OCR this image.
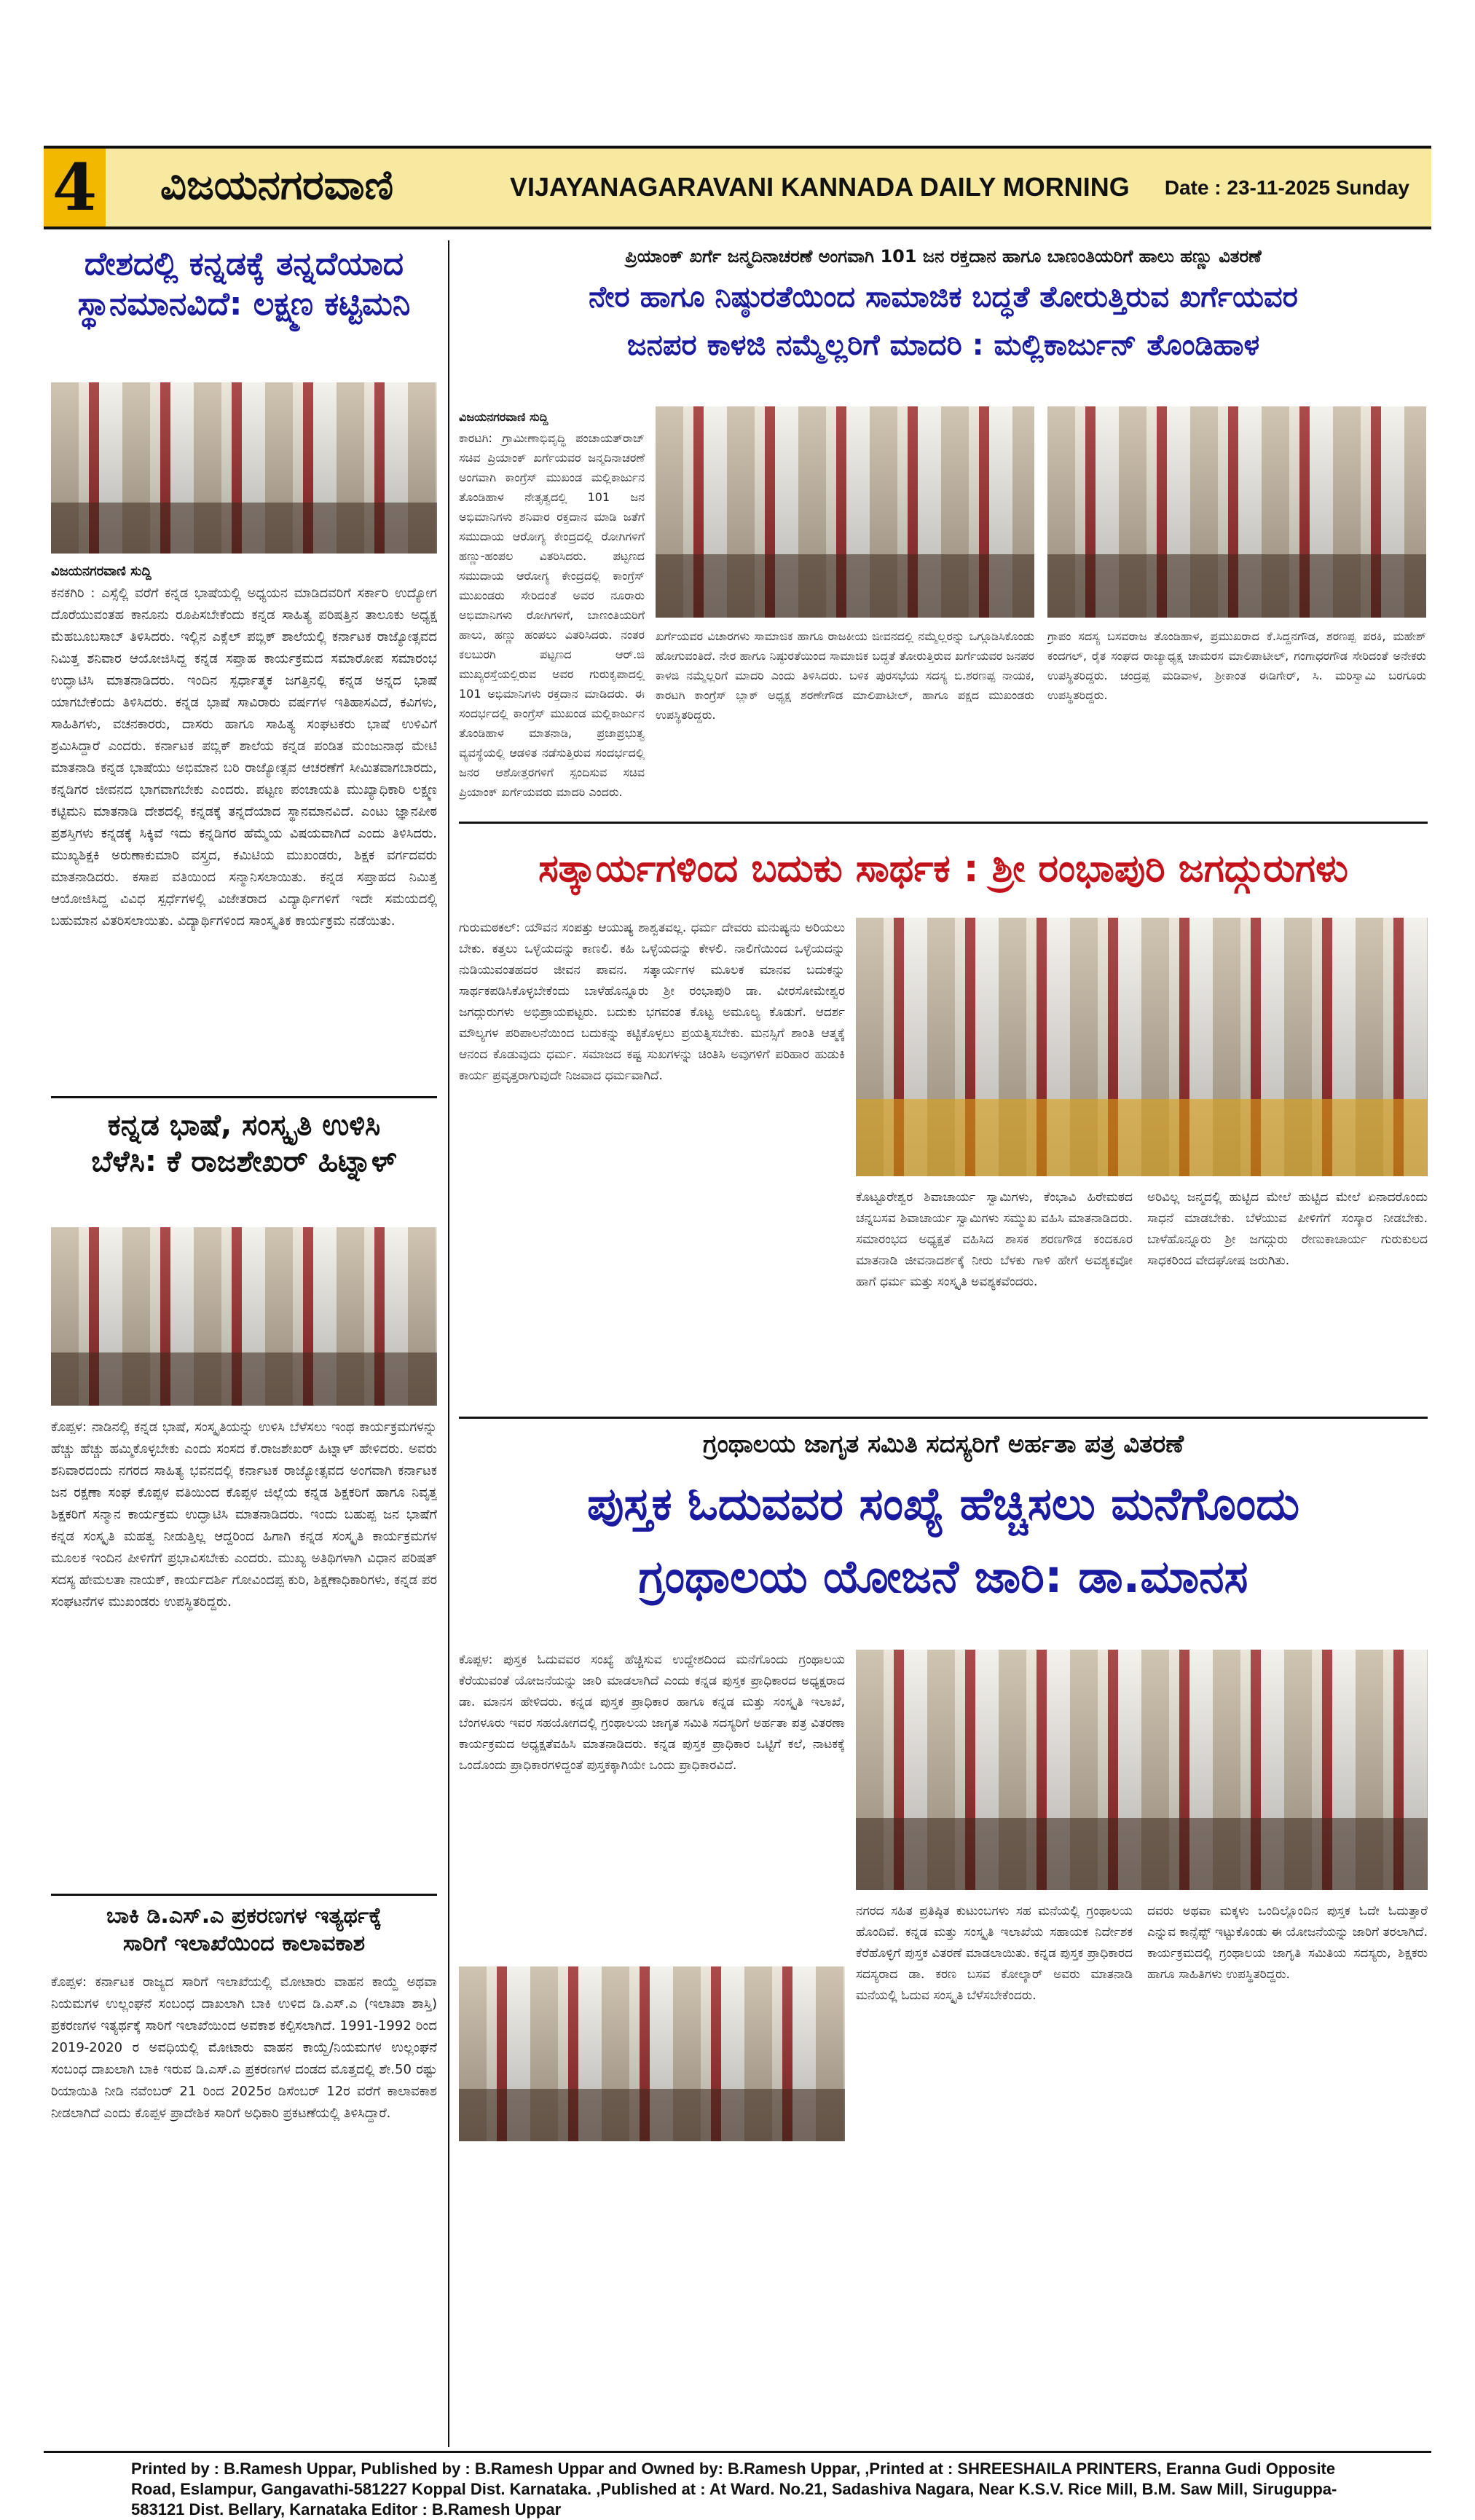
4 ವಿಜಯನಗರವಾಣಿ	VIJAYANAGARAVANI KANNADA DAILY MORNING Date : 23-11-2025 Sunday
ದೇಶದಲ್ಲಿ ಕನ್ನಡಕ್ಕೆ ತನ್ನದೆಯಾದ
ಸ್ಥಾನಮಾನವಿದೆ: ಲಕ್ಷ್ಮಣ ಕಟ್ಟಿಮನಿ
ವಿಜಯನಗರವಾಣಿ ಸುದ್ದಿ
ಕನಕಗಿರಿ : ಎಸ್ಸೆಲ್ಲಿ ವರೆಗೆ ಕನ್ನಡ ಭಾಷೆಯಲ್ಲಿ ಅಧ್ಯಯನ ಮಾಡಿದವರಿಗೆ ಸರ್ಕಾರಿ ಉದ್ಯೋಗ ದೊರೆಯುವಂತಹ ಕಾನೂನು ರೂಪಿಸಬೇಕೆಂದು ಕನ್ನಡ ಸಾಹಿತ್ಯ ಪರಿಷತ್ತಿನ ತಾಲೂಕು ಅಧ್ಯಕ್ಷ ಮೆಹಬೂಬಸಾಬ್ ತಿಳಿಸಿದರು. ಇಲ್ಲಿನ ಎಕ್ಸೆಲ್ ಪಬ್ಲಿಕ್ ಶಾಲೆಯಲ್ಲಿ ಕರ್ನಾಟಕ ರಾಜ್ಯೋತ್ಸವದ ನಿಮಿತ್ತ ಶನಿವಾರ ಆಯೋಜಿಸಿದ್ದ ಕನ್ನಡ ಸಪ್ತಾಹ ಕಾರ್ಯಕ್ರಮದ ಸಮಾರೋಪ ಸಮಾರಂಭ ಉದ್ಘಾಟಿಸಿ ಮಾತನಾಡಿದರು. ಇಂದಿನ ಸ್ಪರ್ಧಾತ್ಮಕ ಜಗತ್ತಿನಲ್ಲಿ ಕನ್ನಡ ಅನ್ನದ ಭಾಷೆ ಯಾಗಬೇಕೆಂದು ತಿಳಿಸಿದರು. ಕನ್ನಡ ಭಾಷೆ ಸಾವಿರಾರು ವರ್ಷಗಳ ಇತಿಹಾಸವಿದೆ, ಕವಿಗಳು, ಸಾಹಿತಿಗಳು, ವಚನಕಾರರು, ದಾಸರು ಹಾಗೂ ಸಾಹಿತ್ಯ ಸಂಘಟಕರು ಭಾಷೆ ಉಳಿವಿಗೆ ಶ್ರಮಿಸಿದ್ದಾರೆ ಎಂದರು. ಕರ್ನಾಟಕ ಪಬ್ಲಿಕ್ ಶಾಲೆಯ ಕನ್ನಡ ಪಂಡಿತ ಮಂಜುನಾಥ ಮೇಟಿ ಮಾತನಾಡಿ ಕನ್ನಡ ಭಾಷೆಯು ಅಭಿಮಾನ ಬರಿ ರಾಜ್ಯೋತ್ಸವ ಆಚರಣೆಗೆ ಸೀಮಿತವಾಗಬಾರದು, ಕನ್ನಡಿಗರ ಜೀವನದ ಭಾಗವಾಗಬೇಕು ಎಂದರು. ಪಟ್ಟಣ ಪಂಚಾಯತಿ ಮುಖ್ಯಾಧಿಕಾರಿ ಲಕ್ಷ್ಮಣ ಕಟ್ಟಿಮನಿ ಮಾತನಾಡಿ ದೇಶದಲ್ಲಿ ಕನ್ನಡಕ್ಕೆ ತನ್ನದೆಯಾದ ಸ್ಥಾನಮಾನವಿದೆ. ಎಂಟು ಜ್ಞಾನಪೀಠ ಪ್ರಶಸ್ತಿಗಳು ಕನ್ನಡಕ್ಕೆ ಸಿಕ್ಕಿವೆ ಇದು ಕನ್ನಡಿಗರ ಹೆಮ್ಮೆಯ ವಿಷಯವಾಗಿದೆ ಎಂದು ತಿಳಿಸಿದರು. ಮುಖ್ಯಶಿಕ್ಷಕಿ ಅರುಣಾಕುಮಾರಿ ವಸ್ತ್ರದ, ಕಮಿಟಿಯ ಮುಖಂಡರು, ಶಿಕ್ಷಕ ವರ್ಗದವರು ಮಾತನಾಡಿದರು. ಕಸಾಪ ವತಿಯಿಂದ ಸನ್ಮಾನಿಸಲಾಯಿತು. ಕನ್ನಡ ಸಪ್ತಾಹದ ನಿಮಿತ್ತ ಆಯೋಜಿಸಿದ್ದ ವಿವಿಧ ಸ್ಪರ್ಧೆಗಳಲ್ಲಿ ವಿಜೇತರಾದ ವಿದ್ಯಾರ್ಥಿಗಳಿಗೆ ಇದೇ ಸಮಯದಲ್ಲಿ ಬಹುಮಾನ ವಿತರಿಸಲಾಯಿತು. ವಿದ್ಯಾರ್ಥಿಗಳಿಂದ ಸಾಂಸ್ಕೃತಿಕ ಕಾರ್ಯಕ್ರಮ ನಡೆಯಿತು.
ಕನ್ನಡ ಭಾಷೆ, ಸಂಸ್ಕೃತಿ ಉಳಿಸಿ
ಬೆಳೆಸಿ: ಕೆ ರಾಜಶೇಖರ್ ಹಿಟ್ನಾಳ್
ಕೊಪ್ಪಳ: ನಾಡಿನಲ್ಲಿ ಕನ್ನಡ ಭಾಷೆ, ಸಂಸ್ಕೃತಿಯನ್ನು ಉಳಿಸಿ ಬೆಳೆಸಲು ಇಂಥ ಕಾರ್ಯಕ್ರಮಗಳನ್ನು ಹೆಚ್ಚು ಹೆಚ್ಚು ಹಮ್ಮಿಕೊಳ್ಳಬೇಕು ಎಂದು ಸಂಸದ ಕೆ.ರಾಜಶೇಖರ್ ಹಿಟ್ನಾಳ್ ಹೇಳಿದರು. ಅವರು ಶನಿವಾರದಂದು ನಗರದ ಸಾಹಿತ್ಯ ಭವನದಲ್ಲಿ ಕರ್ನಾಟಕ ರಾಜ್ಯೋತ್ಸವದ ಅಂಗವಾಗಿ ಕರ್ನಾಟಕ ಜನ ರಕ್ಷಣಾ ಸಂಘ ಕೊಪ್ಪಳ ವತಿಯಿಂದ ಕೊಪ್ಪಳ ಜಿಲ್ಲೆಯ ಕನ್ನಡ ಶಿಕ್ಷಕರಿಗೆ ಹಾಗೂ ನಿವೃತ್ತ ಶಿಕ್ಷಕರಿಗೆ ಸನ್ಮಾನ ಕಾರ್ಯಕ್ರಮ ಉದ್ಘಾಟಿಸಿ ಮಾತನಾಡಿದರು. ಇಂದು ಬಹುಪ್ಪ ಜನ ಭಾಷೆಗೆ ಕನ್ನಡ ಸಂಸ್ಕೃತಿ ಮಹತ್ವ ನೀಡುತ್ತಿಲ್ಲ ಆದ್ದರಿಂದ ಹಿಗಾಗಿ ಕನ್ನಡ ಸಂಸ್ಕೃತಿ ಕಾರ್ಯಕ್ರಮಗಳ ಮೂಲಕ ಇಂದಿನ ಪೀಳಿಗೆಗೆ ಪ್ರಭಾವಿಸಬೇಕು ಎಂದರು. ಮುಖ್ಯ ಅತಿಥಿಗಳಾಗಿ ವಿಧಾನ ಪರಿಷತ್ ಸದಸ್ಯ ಹೇಮಲತಾ ನಾಯಕ್, ಕಾರ್ಯದರ್ಶಿ ಗೋವಿಂದಪ್ಪ ಕುರಿ, ಶಿಕ್ಷಣಾಧಿಕಾರಿಗಳು, ಕನ್ನಡ ಪರ ಸಂಘಟನೆಗಳ ಮುಖಂಡರು ಉಪಸ್ಥಿತರಿದ್ದರು.
ಬಾಕಿ ಡಿ.ಎಸ್.ಎ ಪ್ರಕರಣಗಳ ಇತ್ಯರ್ಥಕ್ಕೆ
ಸಾರಿಗೆ ಇಲಾಖೆಯಿಂದ ಕಾಲಾವಕಾಶ
ಕೊಪ್ಪಳ: ಕರ್ನಾಟಕ ರಾಜ್ಯದ ಸಾರಿಗೆ ಇಲಾಖೆಯಲ್ಲಿ ಮೋಟಾರು ವಾಹನ ಕಾಯ್ದೆ ಅಥವಾ ನಿಯಮಗಳ ಉಲ್ಲಂಘನೆ ಸಂಬಂಧ ದಾಖಲಾಗಿ ಬಾಕಿ ಉಳಿದ ಡಿ.ಎಸ್.ಎ (ಇಲಾಖಾ ಶಾಸ್ತಿ) ಪ್ರಕರಣಗಳ ಇತ್ಯರ್ಥಕ್ಕೆ ಸಾರಿಗೆ ಇಲಾಖೆಯಿಂದ ಅವಕಾಶ ಕಲ್ಪಿಸಲಾಗಿದೆ. 1991-1992 ರಿಂದ 2019-2020 ರ ಅವಧಿಯಲ್ಲಿ ಮೋಟಾರು ವಾಹನ ಕಾಯ್ದೆ/ನಿಯಮಗಳ ಉಲ್ಲಂಘನೆ ಸಂಬಂಧ ದಾಖಲಾಗಿ ಬಾಕಿ ಇರುವ ಡಿ.ಎಸ್.ಎ ಪ್ರಕರಣಗಳ ದಂಡದ ಮೊತ್ತದಲ್ಲಿ ಶೇ.50 ರಷ್ಟು ರಿಯಾಯಿತಿ ನೀಡಿ ನವೆಂಬರ್ 21 ರಿಂದ 2025ರ ಡಿಸೆಂಬರ್ 12ರ ವರೆಗೆ ಕಾಲಾವಕಾಶ ನೀಡಲಾಗಿದೆ ಎಂದು ಕೊಪ್ಪಳ ಪ್ರಾದೇಶಿಕ ಸಾರಿಗೆ ಅಧಿಕಾರಿ ಪ್ರಕಟಣೆಯಲ್ಲಿ ತಿಳಿಸಿದ್ದಾರೆ.
ಪ್ರಿಯಾಂಕ್ ಖರ್ಗೆ ಜನ್ಮದಿನಾಚರಣೆ ಅಂಗವಾಗಿ 101 ಜನ ರಕ್ತದಾನ ಹಾಗೂ ಬಾಣಂತಿಯರಿಗೆ ಹಾಲು ಹಣ್ಣು ವಿತರಣೆ
ನೇರ ಹಾಗೂ ನಿಷ್ಠುರತೆಯಿಂದ ಸಾಮಾಜಿಕ ಬದ್ಧತೆ ತೋರುತ್ತಿರುವ ಖರ್ಗೆಯವರ
ಜನಪರ ಕಾಳಜಿ ನಮ್ಮೆಲ್ಲರಿಗೆ ಮಾದರಿ : ಮಲ್ಲಿಕಾರ್ಜುನ್ ತೊಂಡಿಹಾಳ
ವಿಜಯನಗರವಾಣಿ ಸುದ್ದಿ
ಕಾರಟಗಿ: ಗ್ರಾಮೀಣಾಭಿವೃದ್ಧಿ ಪಂಚಾಯತ್‌ರಾಜ್ ಸಚಿವ ಪ್ರಿಯಾಂಕ್ ಖರ್ಗೆಯವರ ಜನ್ಮದಿನಾಚರಣೆ ಅಂಗವಾಗಿ ಕಾಂಗ್ರೆಸ್ ಮುಖಂಡ ಮಲ್ಲಿಕಾರ್ಜುನ ತೊಂಡಿಹಾಳ ನೇತೃತ್ವದಲ್ಲಿ 101 ಜನ ಅಭಿಮಾನಿಗಳು ಶನಿವಾರ ರಕ್ತದಾನ ಮಾಡಿ ಜತೆಗೆ ಸಮುದಾಯ ಆರೋಗ್ಯ ಕೇಂದ್ರದಲ್ಲಿ ರೋಗಿಗಳಿಗೆ ಹಣ್ಣು-ಹಂಪಲ ವಿತರಿಸಿದರು. ಪಟ್ಟಣದ ಸಮುದಾಯ ಆರೋಗ್ಯ ಕೇಂದ್ರದಲ್ಲಿ ಕಾಂಗ್ರೆಸ್ ಮುಖಂಡರು ಸೇರಿದಂತೆ ಅವರ ನೂರಾರು ಅಭಿಮಾನಿಗಳು ರೋಗಿಗಳಿಗೆ, ಬಾಣಂತಿಯರಿಗೆ ಹಾಲು, ಹಣ್ಣು ಹಂಪಲು ವಿತರಿಸಿದರು. ನಂತರ ಕಲಬುರಗಿ ಪಟ್ಟಣದ ಆರ್.ಜಿ ಮುಖ್ಯರಸ್ತೆಯಲ್ಲಿರುವ ಅವರ ಗುರುಕೃಪಾದಲ್ಲಿ 101 ಅಭಿಮಾನಿಗಳು ರಕ್ತದಾನ ಮಾಡಿದರು. ಈ ಸಂದರ್ಭದಲ್ಲಿ ಕಾಂಗ್ರೆಸ್ ಮುಖಂಡ ಮಲ್ಲಿಕಾರ್ಜುನ ತೊಂಡಿಹಾಳ ಮಾತನಾಡಿ, ಪ್ರಜಾಪ್ರಭುತ್ವ ವ್ಯವಸ್ಥೆಯಲ್ಲಿ ಆಡಳಿತ ನಡೆಸುತ್ತಿರುವ ಸಂದರ್ಭದಲ್ಲಿ ಜನರ ಆಶೋತ್ತರಗಳಿಗೆ ಸ್ಪಂದಿಸುವ ಸಚಿವ ಪ್ರಿಯಾಂಕ್ ಖರ್ಗೆಯವರು ಮಾದರಿ ಎಂದರು.
ಖರ್ಗೆಯವರ ವಿಚಾರಗಳು ಸಾಮಾಜಿಕ ಹಾಗೂ ರಾಜಕೀಯ ಜೀವನದಲ್ಲಿ ನಮ್ಮೆಲ್ಲರನ್ನು ಒಗ್ಗೂಡಿಸಿಕೊಂಡು ಹೋಗುವಂತಿದೆ. ನೇರ ಹಾಗೂ ನಿಷ್ಠುರತೆಯಿಂದ ಸಾಮಾಜಿಕ ಬದ್ಧತೆ ತೋರುತ್ತಿರುವ ಖರ್ಗೆಯವರ ಜನಪರ ಕಾಳಜಿ ನಮ್ಮೆಲ್ಲರಿಗೆ ಮಾದರಿ ಎಂದು ತಿಳಿಸಿದರು. ಬಳಿಕ ಪುರಸಭೆಯ ಸದಸ್ಯ ಬಿ.ಶರಣಪ್ಪ ನಾಯಕ, ಕಾರಟಗಿ ಕಾಂಗ್ರೆಸ್ ಬ್ಲಾಕ್ ಅಧ್ಯಕ್ಷ ಶರಣೇಗೌಡ ಮಾಲಿಪಾಟೀಲ್, ಹಾಗೂ ಪಕ್ಷದ ಮುಖಂಡರು ಉಪಸ್ಥಿತರಿದ್ದರು.
ಗ್ರಾಪಂ ಸದಸ್ಯ ಬಸವರಾಜ ತೊಂಡಿಹಾಳ, ಪ್ರಮುಖರಾದ ಕೆ.ಸಿದ್ದನಗೌಡ, ಶರಣಪ್ಪ ಪರಕಿ, ಮಹೇಶ್ ಕಂದಗಲ್, ರೈತ ಸಂಘದ ರಾಜ್ಯಾಧ್ಯಕ್ಷ ಚಾಮರಸ ಮಾಲಿಪಾಟೀಲ್, ಗಂಗಾಧರಗೌಡ ಸೇರಿದಂತೆ ಅನೇಕರು ಉಪಸ್ಥಿತರಿದ್ದರು. ಚಂದ್ರಪ್ಪ ಮಡಿವಾಳ, ಶ್ರೀಕಾಂತ ಈಡಿಗೇರ್, ಸಿ. ಮರಿಸ್ವಾಮಿ ಬರಗೂರು ಉಪಸ್ಥಿತರಿದ್ದರು.
ಸತ್ಕಾರ್ಯಗಳಿಂದ ಬದುಕು ಸಾರ್ಥಕ : ಶ್ರೀ ರಂಭಾಪುರಿ ಜಗದ್ಗುರುಗಳು
ಗುರುಮಠಕಲ್: ಯೌವನ ಸಂಪತ್ತು ಆಯುಷ್ಯ ಶಾಶ್ವತವಲ್ಲ. ಧರ್ಮ ದೇವರು ಮನುಷ್ಯನು ಅರಿಯಲು ಬೇಕು. ಕತ್ತಲು ಒಳ್ಳೆಯದನ್ನು ಕಾಣಲಿ. ಕಹಿ ಒಳ್ಳೆಯದನ್ನು ಕೇಳಲಿ. ನಾಲಿಗೆಯಿಂದ ಒಳ್ಳೆಯದನ್ನು ನುಡಿಯುವಂತಹದರ ಜೀವನ ಪಾವನ. ಸತ್ಕಾರ್ಯಗಳ ಮೂಲಕ ಮಾನವ ಬದುಕನ್ನು ಸಾರ್ಥಕಪಡಿಸಿಕೊಳ್ಳಬೇಕೆಂದು ಬಾಳೆಹೊನ್ನೂರು ಶ್ರೀ ರಂಭಾಪುರಿ ಡಾ. ವೀರಸೋಮೇಶ್ವರ ಜಗದ್ಗುರುಗಳು ಅಭಿಪ್ರಾಯಪಟ್ಟರು. ಬದುಕು ಭಗವಂತ ಕೊಟ್ಟ ಅಮೂಲ್ಯ ಕೊಡುಗೆ. ಆದರ್ಶ ಮೌಲ್ಯಗಳ ಪರಿಪಾಲನೆಯಿಂದ ಬದುಕನ್ನು ಕಟ್ಟಿಕೊಳ್ಳಲು ಪ್ರಯತ್ನಿಸಬೇಕು. ಮನಸ್ಸಿಗೆ ಶಾಂತಿ ಆತ್ಮಕ್ಕೆ ಆನಂದ ಕೊಡುವುದು ಧರ್ಮ. ಸಮಾಜದ ಕಷ್ಟ ಸುಖಗಳನ್ನು ಚಿಂತಿಸಿ ಅವುಗಳಿಗೆ ಪರಿಹಾರ ಹುಡುಕಿ ಕಾರ್ಯ ಪ್ರವೃತ್ತರಾಗುವುದೇ ನಿಜವಾದ ಧರ್ಮವಾಗಿದೆ.
ಕೊಟ್ಟೂರೇಶ್ವರ ಶಿವಾಚಾರ್ಯ ಸ್ವಾಮಿಗಳು, ಕೆಂಭಾವಿ ಹಿರೇಮಠದ ಚನ್ನಬಸವ ಶಿವಾಚಾರ್ಯ ಸ್ವಾಮಿಗಳು ಸಮ್ಮುಖ ವಹಿಸಿ ಮಾತನಾಡಿದರು. ಸಮಾರಂಭದ ಅಧ್ಯಕ್ಷತೆ ವಹಿಸಿದ ಶಾಸಕ ಶರಣಗೌಡ ಕಂದಕೂರ ಮಾತನಾಡಿ ಜೀವನಾದರ್ಶಕ್ಕೆ ನೀರು ಬೆಳಕು ಗಾಳಿ ಹೇಗೆ ಅವಶ್ಯಕವೋ ಹಾಗೆ ಧರ್ಮ ಮತ್ತು ಸಂಸ್ಕೃತಿ ಅವಶ್ಯಕವೆಂದರು.
ಅರಿವಿಲ್ಲ ಜನ್ಮದಲ್ಲಿ ಹುಟ್ಟಿದ ಮೇಲೆ ಹುಟ್ಟಿದ ಮೇಲೆ ಏನಾದರೊಂದು ಸಾಧನೆ ಮಾಡಬೇಕು. ಬೆಳೆಯುವ ಪೀಳಿಗೆಗೆ ಸಂಸ್ಕಾರ ನೀಡಬೇಕು. ಬಾಳೆಹೊನ್ನೂರು ಶ್ರೀ ಜಗದ್ಗುರು ರೇಣುಕಾಚಾರ್ಯ ಗುರುಕುಲದ ಸಾಧಕರಿಂದ ವೇದಘೋಷ ಜರುಗಿತು.
ಗ್ರಂಥಾಲಯ ಜಾಗೃತ ಸಮಿತಿ ಸದಸ್ಯರಿಗೆ ಅರ್ಹತಾ ಪತ್ರ ವಿತರಣೆ
ಪುಸ್ತಕ ಓದುವವರ ಸಂಖ್ಯೆ ಹೆಚ್ಚಿಸಲು ಮನೆಗೊಂದು
ಗ್ರಂಥಾಲಯ ಯೋಜನೆ ಜಾರಿ: ಡಾ.ಮಾನಸ
ಕೊಪ್ಪಳ: ಪುಸ್ತಕ ಓದುವವರ ಸಂಖ್ಯೆ ಹೆಚ್ಚಿಸುವ ಉದ್ದೇಶದಿಂದ ಮನೆಗೊಂದು ಗ್ರಂಥಾಲಯ ಕೆರೆಯುವಂತೆ ಯೋಜನೆಯನ್ನು ಜಾರಿ ಮಾಡಲಾಗಿದೆ ಎಂದು ಕನ್ನಡ ಪುಸ್ತಕ ಪ್ರಾಧಿಕಾರದ ಅಧ್ಯಕ್ಷರಾದ ಡಾ. ಮಾನಸ ಹೇಳಿದರು. ಕನ್ನಡ ಪುಸ್ತಕ ಪ್ರಾಧಿಕಾರ ಹಾಗೂ ಕನ್ನಡ ಮತ್ತು ಸಂಸ್ಕೃತಿ ಇಲಾಖೆ, ಬೆಂಗಳೂರು ಇವರ ಸಹಯೋಗದಲ್ಲಿ ಗ್ರಂಥಾಲಯ ಜಾಗೃತ ಸಮಿತಿ ಸದಸ್ಯರಿಗೆ ಅರ್ಹತಾ ಪತ್ರ ವಿತರಣಾ ಕಾರ್ಯಕ್ರಮದ ಅಧ್ಯಕ್ಷತೆವಹಿಸಿ ಮಾತನಾಡಿದರು. ಕನ್ನಡ ಪುಸ್ತಕ ಪ್ರಾಧಿಕಾರ ಒಟ್ಟಿಗೆ ಕಲೆ, ನಾಟಕಕ್ಕೆ ಒಂದೊಂದು ಪ್ರಾಧಿಕಾರಗಳಿದ್ದಂತೆ ಪುಸ್ತಕಕ್ಕಾಗಿಯೇ ಒಂದು ಪ್ರಾಧಿಕಾರವಿದೆ.
ನಗರದ ಸಹಿತ ಪ್ರತಿಷ್ಠಿತ ಕುಟುಂಬಗಳು ಸಹ ಮನೆಯಲ್ಲಿ ಗ್ರಂಥಾಲಯ ಹೊಂದಿವೆ. ಕನ್ನಡ ಮತ್ತು ಸಂಸ್ಕೃತಿ ಇಲಾಖೆಯ ಸಹಾಯಕ ನಿರ್ದೇಶಕ ಕೆರೆಹೊಳ್ಳಿಗೆ ಪುಸ್ತಕ ವಿತರಣೆ ಮಾಡಲಾಯಿತು. ಕನ್ನಡ ಪುಸ್ತಕ ಪ್ರಾಧಿಕಾರದ ಸದಸ್ಯರಾದ ಡಾ. ಕರಣ ಬಸವ ಕೋಲ್ಕಾರ್ ಅವರು ಮಾತನಾಡಿ ಮನೆಯಲ್ಲಿ ಓದುವ ಸಂಸ್ಕೃತಿ ಬೆಳೆಸಬೇಕೆಂದರು.
ದವರು ಅಥವಾ ಮಕ್ಕಳು ಒಂದಿಲ್ಲೊಂದಿನ ಪುಸ್ತಕ ಓದೇ ಓದುತ್ತಾರೆ ಎನ್ನುವ ಕಾನ್ಸೆಪ್ಟ್ ಇಟ್ಟುಕೊಂಡು ಈ ಯೋಜನೆಯನ್ನು ಜಾರಿಗೆ ತರಲಾಗಿದೆ. ಕಾರ್ಯಕ್ರಮದಲ್ಲಿ ಗ್ರಂಥಾಲಯ ಜಾಗೃತಿ ಸಮಿತಿಯ ಸದಸ್ಯರು, ಶಿಕ್ಷಕರು ಹಾಗೂ ಸಾಹಿತಿಗಳು ಉಪಸ್ಥಿತರಿದ್ದರು.
Printed by : B.Ramesh Uppar, Published by : B.Ramesh Uppar and Owned by: B.Ramesh Uppar, ,Printed at : SHREESHAILA PRINTERS, Eranna Gudi Opposite Road, Eslampur, Gangavathi-581227 Koppal Dist. Karnataka. ,Published at : At Ward. No.21, Sadashiva Nagara, Near K.S.V. Rice Mill, B.M. Saw Mill, Siruguppa-583121 Dist. Bellary, Karnataka Editor : B.Ramesh Uppar
